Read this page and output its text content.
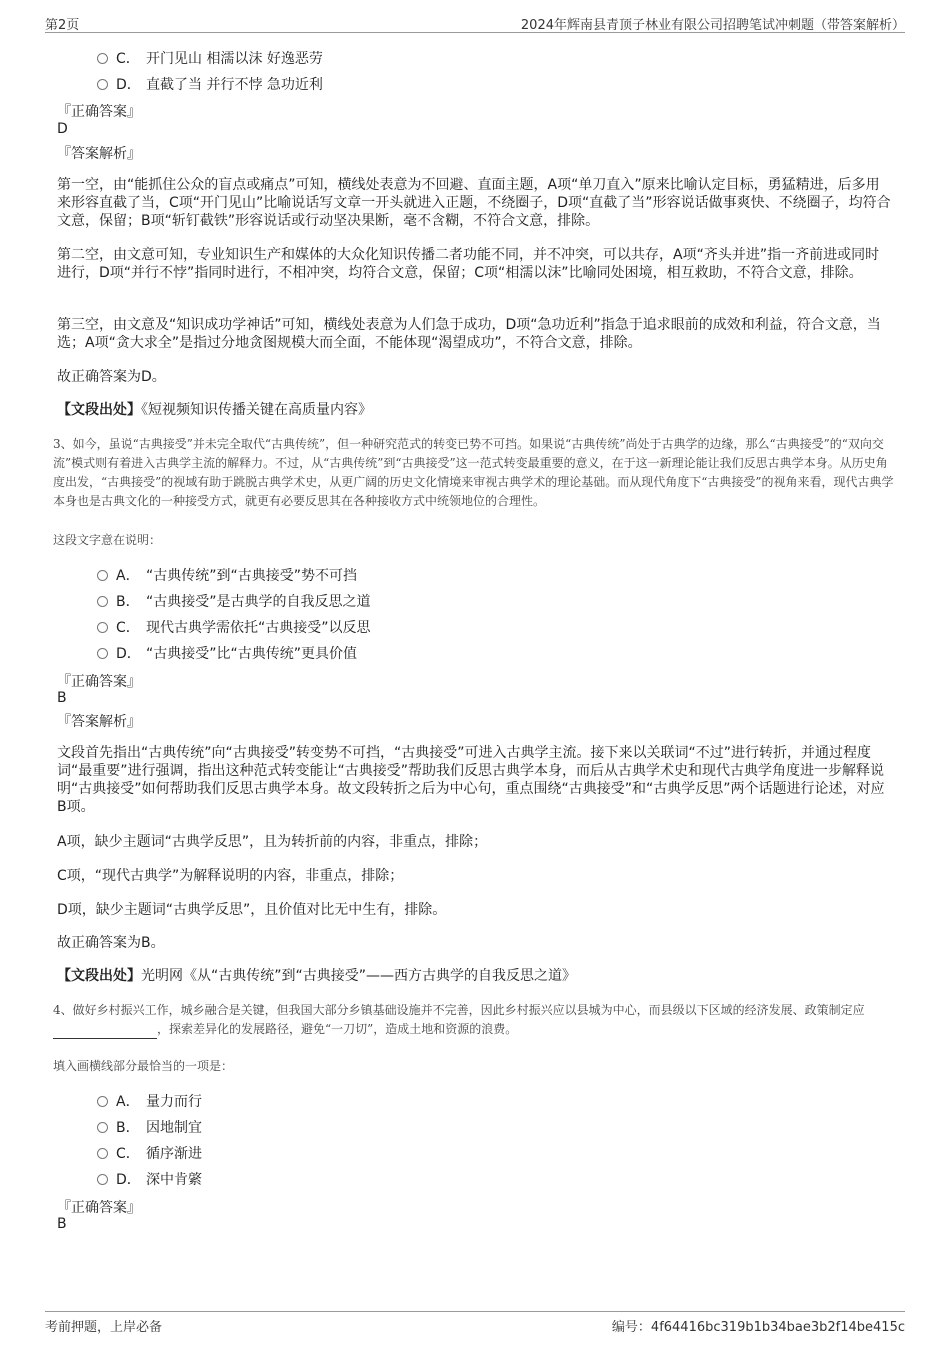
第2页	2024年辉南县青顶子林业有限公司招聘笔试冲刺题（带答案解析）
C． 开门见山 相濡以沫 好逸恶劳
D． 直截了当 并行不悖 急功近利
『正确答案』
D
『答案解析』
第一空，由“能抓住公众的盲点或痛点”可知，横线处表意为不回避、直面主题，A项“单刀直入”原来比喻认定目标，勇猛精进，后多用来形容直截了当，C项“开门见山”比喻说话写文章一开头就进入正题，不绕圈子，D项“直截了当”形容说话做事爽快、不绕圈子，均符合文意，保留；B项“斩钉截铁”形容说话或行动坚决果断，毫不含糊，不符合文意，排除。
第二空，由文意可知，专业知识生产和媒体的大众化知识传播二者功能不同，并不冲突，可以共存，A项“齐头并进”指一齐前进或同时进行，D项“并行不悖”指同时进行，不相冲突，均符合文意，保留；C项“相濡以沫”比喻同处困境，相互救助，不符合文意，排除。
第三空，由文意及“知识成功学神话”可知，横线处表意为人们急于成功，D项“急功近利”指急于追求眼前的成效和利益，符合文意，当选；A项“贪大求全”是指过分地贪图规模大而全面，不能体现“渴望成功”，不符合文意，排除。
故正确答案为D。
【文段出处】《短视频知识传播关键在高质量内容》
3、如今，虽说“古典接受”并未完全取代“古典传统”，但一种研究范式的转变已势不可挡。如果说“古典传统”尚处于古典学的边缘，那么“古典接受”的“双向交流”模式则有着进入古典学主流的解释力。不过，从“古典传统”到“古典接受”这一范式转变最重要的意义，在于这一新理论能让我们反思古典学本身。从历史角度出发，“古典接受”的视域有助于跳脱古典学术史，从更广阔的历史文化情境来审视古典学术的理论基础。而从现代角度下“古典接受”的视角来看，现代古典学本身也是古典文化的一种接受方式，就更有必要反思其在各种接收方式中统领地位的合理性。
这段文字意在说明：
A． “古典传统”到“古典接受”势不可挡
B． “古典接受”是古典学的自我反思之道
C． 现代古典学需依托“古典接受”以反思
D． “古典接受”比“古典传统”更具价值
『正确答案』
B
『答案解析』
文段首先指出“古典传统”向“古典接受”转变势不可挡，“古典接受”可进入古典学主流。接下来以关联词“不过”进行转折，并通过程度词“最重要”进行强调，指出这种范式转变能让“古典接受”帮助我们反思古典学本身，而后从古典学术史和现代古典学角度进一步解释说明“古典接受”如何帮助我们反思古典学本身。故文段转折之后为中心句，重点围绕“古典接受”和“古典学反思”两个话题进行论述，对应B项。
A项，缺少主题词“古典学反思”，且为转折前的内容，非重点，排除；
C项，“现代古典学”为解释说明的内容，非重点，排除；
D项，缺少主题词“古典学反思”，且价值对比无中生有，排除。
故正确答案为B。
【文段出处】光明网《从“古典传统”到“古典接受”——西方古典学的自我反思之道》
4、做好乡村振兴工作，城乡融合是关键，但我国大部分乡镇基础设施并不完善，因此乡村振兴应以县城为中心，而县级以下区域的经济发展、政策制定应，探索差异化的发展路径，避免“一刀切”，造成土地和资源的浪费。
填入画横线部分最恰当的一项是：
A． 量力而行
B． 因地制宜
C． 循序渐进
D． 深中肯綮
『正确答案』
B
考前押题，上岸必备	编号：4f64416bc319b1b34bae3b2f14be415c
